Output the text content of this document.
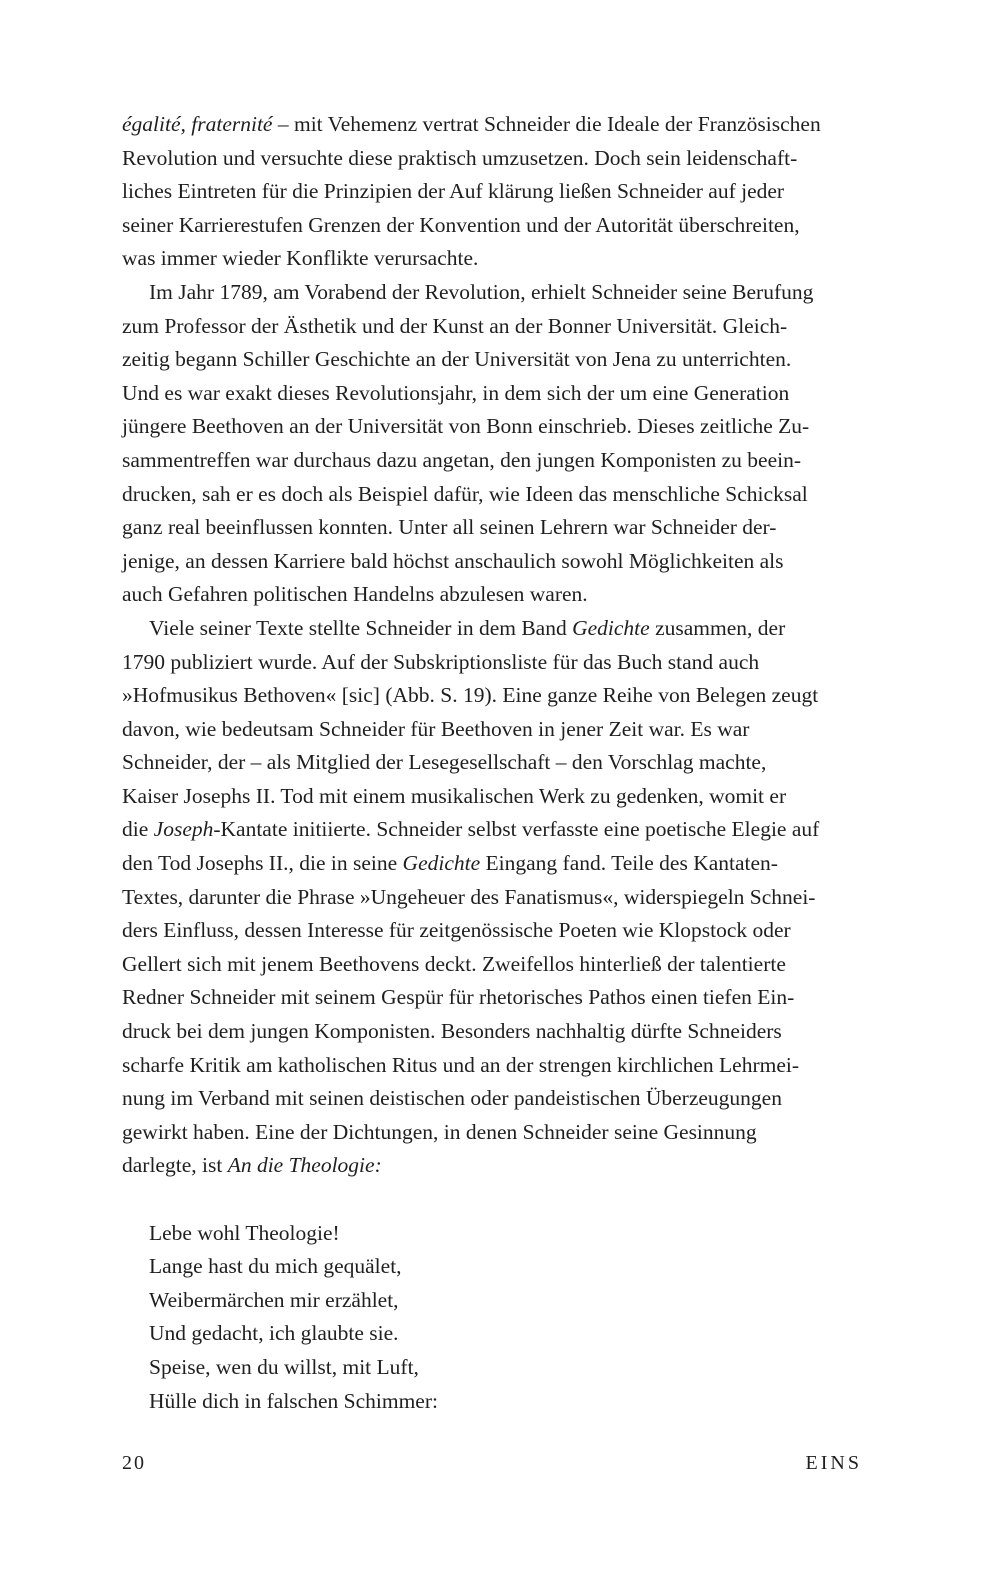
égalité, fraternité – mit Vehemenz vertrat Schneider die Ideale der Französischen
Revolution und versuchte diese praktisch umzusetzen. Doch sein leidenschaft-
liches Eintreten für die Prinzipien der Auf klärung ließen Schneider auf jeder
seiner Karrierestufen Grenzen der Konvention und der Autorität überschreiten,
was immer wieder Konflikte verursachte.
Im Jahr 1789, am Vorabend der Revolution, erhielt Schneider seine Berufung
zum Professor der Ästhetik und der Kunst an der Bonner Universität. Gleich-
zeitig begann Schiller Geschichte an der Universität von Jena zu unterrichten.
Und es war exakt dieses Revolutionsjahr, in dem sich der um eine Generation
jüngere Beethoven an der Universität von Bonn einschrieb. Dieses zeitliche Zu-
sammentreffen war durchaus dazu angetan, den jungen Komponisten zu beein-
drucken, sah er es doch als Beispiel dafür, wie Ideen das menschliche Schicksal
ganz real beeinflussen konnten. Unter all seinen Lehrern war Schneider der-
jenige, an dessen Karriere bald höchst anschaulich sowohl Möglichkeiten als
auch Gefahren politischen Handelns abzulesen waren.
Viele seiner Texte stellte Schneider in dem Band Gedichte zusammen, der
1790 publiziert wurde. Auf der Subskriptionsliste für das Buch stand auch
»Hofmusikus Bethoven« [sic] (Abb. S. 19). Eine ganze Reihe von Belegen zeugt
davon, wie bedeutsam Schneider für Beethoven in jener Zeit war. Es war
Schneider, der – als Mitglied der Lesegesellschaft – den Vorschlag machte,
Kaiser Josephs II. Tod mit einem musikalischen Werk zu gedenken, womit er
die Joseph-Kantate initiierte. Schneider selbst verfasste eine poetische Elegie auf
den Tod Josephs II., die in seine Gedichte Eingang fand. Teile des Kantaten-
Textes, darunter die Phrase »Ungeheuer des Fanatismus«, widerspiegeln Schnei-
ders Einfluss, dessen Interesse für zeitgenössische Poeten wie Klopstock oder
Gellert sich mit jenem Beethovens deckt. Zweifellos hinterließ der talentierte
Redner Schneider mit seinem Gespür für rhetorisches Pathos einen tiefen Ein-
druck bei dem jungen Komponisten. Besonders nachhaltig dürfte Schneiders
scharfe Kritik am katholischen Ritus und an der strengen kirchlichen Lehrmei-
nung im Verband mit seinen deistischen oder pandeistischen Überzeugungen
gewirkt haben. Eine der Dichtungen, in denen Schneider seine Gesinnung
darlegte, ist An die Theologie:
Lebe wohl Theologie!
Lange hast du mich gequälet,
Weibermärchen mir erzählet,
Und gedacht, ich glaubte sie.
Speise, wen du willst, mit Luft,
Hülle dich in falschen Schimmer:
20	EINS
